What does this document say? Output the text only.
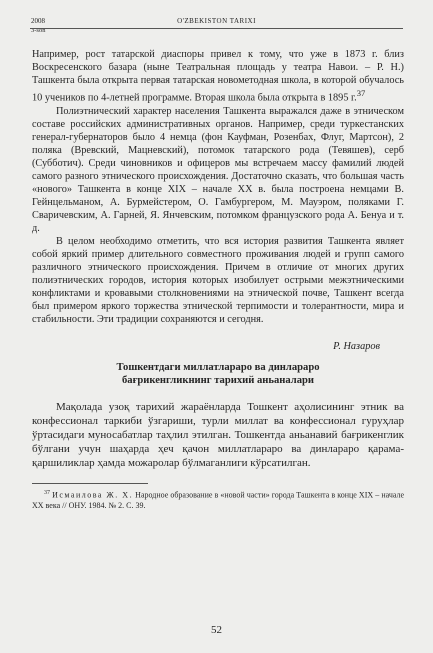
2008
3-son
O'ZBEKISTON TARIXI

Например, рост татарской диаспоры привел к тому, что уже в 1873 г. близ Воскресенского базара (ныне Театральная площадь у театра Навои. – Р. Н.) Ташкента была открыта первая татарская новометодная школа, в которой обучалось 10 учеников по 4-летней программе. Вторая школа была открыта в 1895 г.$^{37}$

Полиэтнический характер населения Ташкента выражался даже в этническом составе российских административных органов. Например, среди туркестанских генерал-губернаторов было 4 немца (фон Кауфман, Розенбах, Флуг, Мартсон), 2 поляка (Вревский, Мацневский), потомок татарского рода (Тевяшев), серб (Субботич). Среди чиновников и офицеров мы встречаем массу фамилий людей самого разного этнического происхождения. Достаточно сказать, что большая часть «нового» Ташкента в конце XIX – начале XX в. была построена немцами В. Гейнцельманом, А. Бурмейстером, О. Гамбургером, М. Мауэром, поляками Г. Сваричевским, А. Гарней, Я. Янчевским, потомком французского рода А. Бенуа и т. д.

В целом необходимо отметить, что вся история развития Ташкента являет собой яркий пример длительного совместного проживания людей и групп самого различного этнического происхождения. Причем в отличие от многих других полиэтнических городов, история которых изобилует острыми межэтническими конфликтами и кровавыми столкновениями на этнической почве, Ташкент всегда был примером яркого торжества этнической терпимости и толерантности, мира и стабильности. Эти традиции сохраняются и сегодня.

Р. Назаров
Тошкентдаги миллатлараро ва динлараро
бағрикенгликнинг тарихий аньаналари

Мақолада узоқ тарихий жараёнларда Тошкент аҳолисининг этник ва конфессионал таркиби ўзгариши, турли миллат ва конфессионал гуруҳлар ўртасидаги муносабатлар таҳлил этилган. Тошкентда аньанавий бағрикенглик бўлгани учун шаҳарда ҳеч қачон миллатлараро ва динлараро қарама-қаршиликлар ҳамда можаролар бўлмаганлиги кўрсатилган.

$^{37}$ Исмаилова Ж. Х. Народное образование в «новой части» города Ташкента в конце XIX – начале XX века // ОНУ. 1984. № 2. С. 39.

52
